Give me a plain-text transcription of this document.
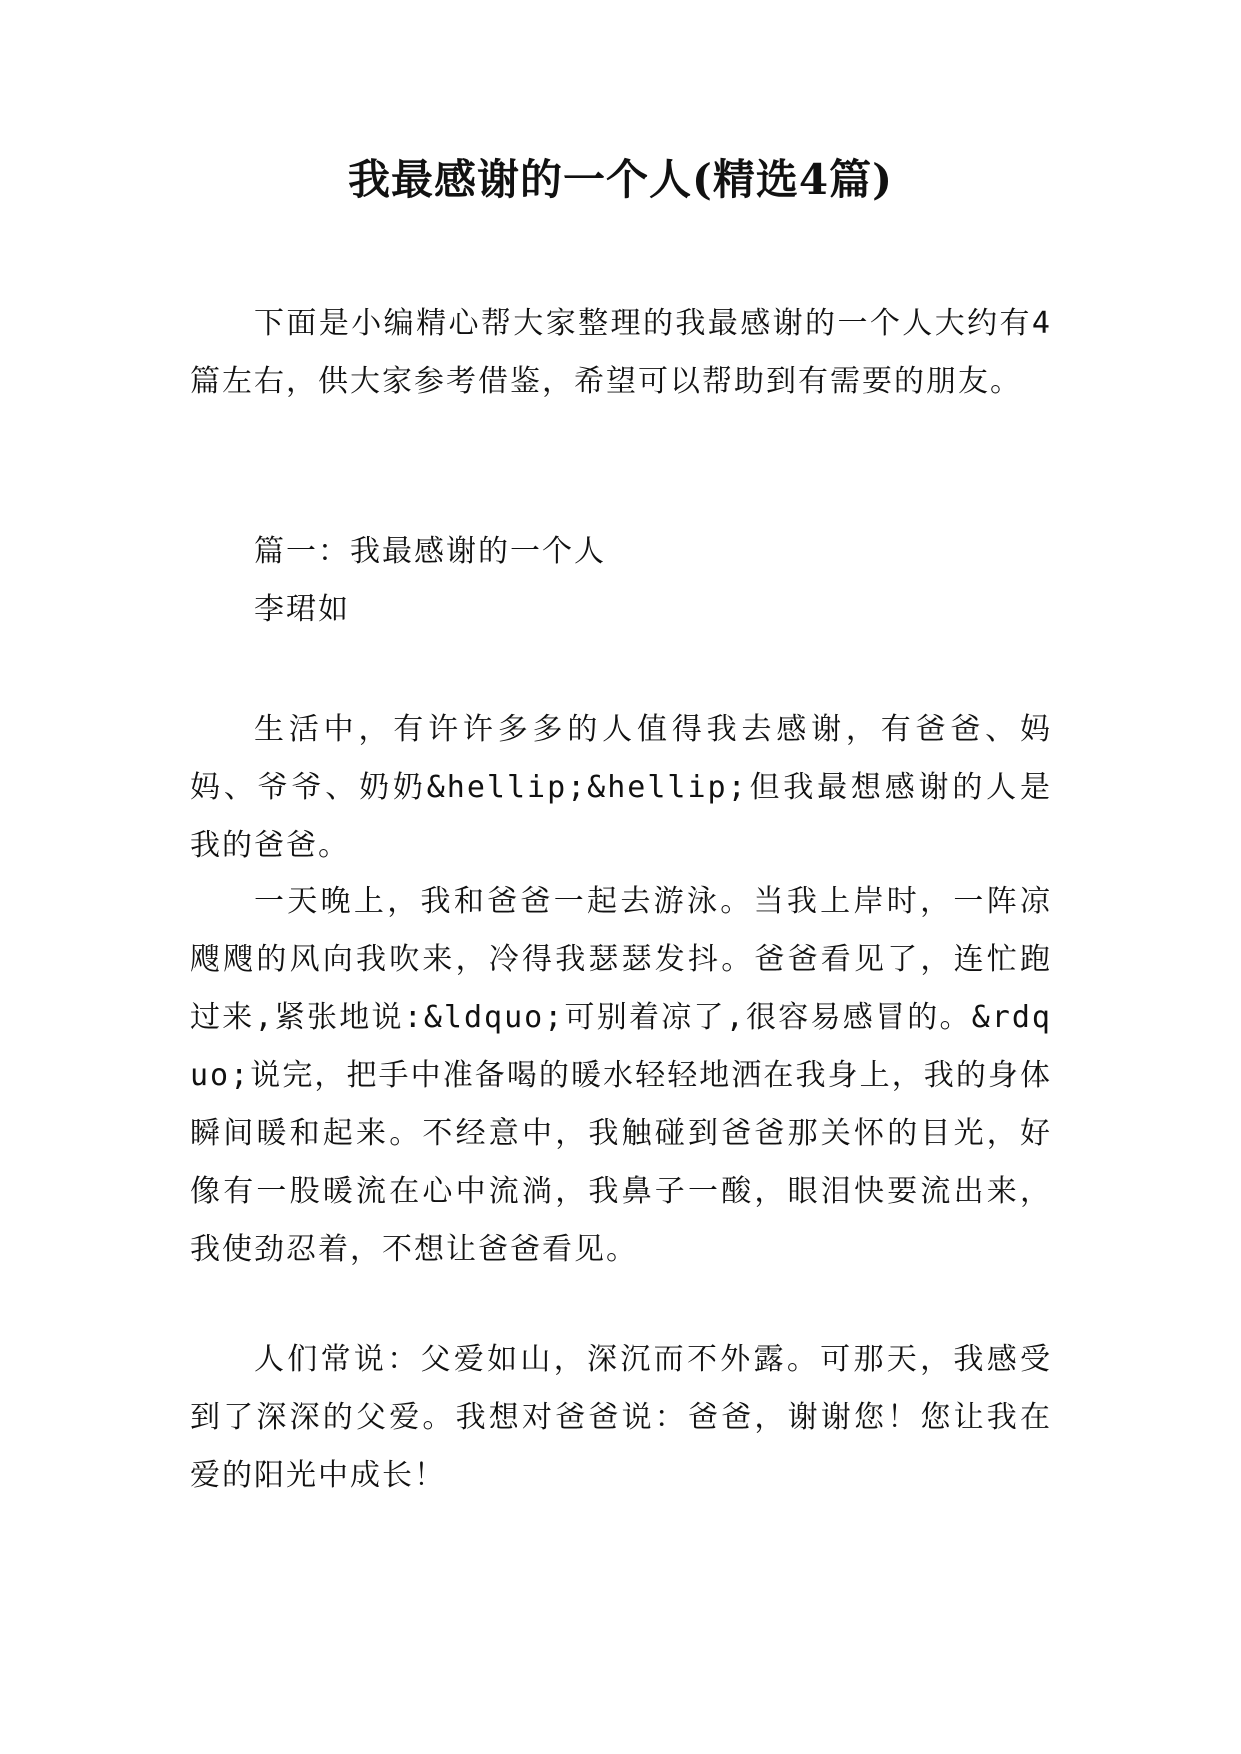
我最感谢的一个人(精选4篇)

下面是小编精心帮大家整理的我最感谢的一个人大约有4篇左右，供大家参考借鉴，希望可以帮助到有需要的朋友。

篇一：我最感谢的一个人

李珺如

生活中，有许许多多的人值得我去感谢，有爸爸、妈妈、爷爷、奶奶&hellip;&hellip;但我最想感谢的人是我的爸爸。

一天晚上，我和爸爸一起去游泳。当我上岸时，一阵凉飕飕的风向我吹来，冷得我瑟瑟发抖。爸爸看见了，连忙跑过来,紧张地说:&ldquo;可别着凉了,很容易感冒的。&rdquo;说完，把手中准备喝的暖水轻轻地洒在我身上，我的身体瞬间暖和起来。不经意中，我触碰到爸爸那关怀的目光，好像有一股暖流在心中流淌，我鼻子一酸，眼泪快要流出来，我使劲忍着，不想让爸爸看见。

人们常说：父爱如山，深沉而不外露。可那天，我感受到了深深的父爱。我想对爸爸说：爸爸，谢谢您！您让我在爱的阳光中成长！
